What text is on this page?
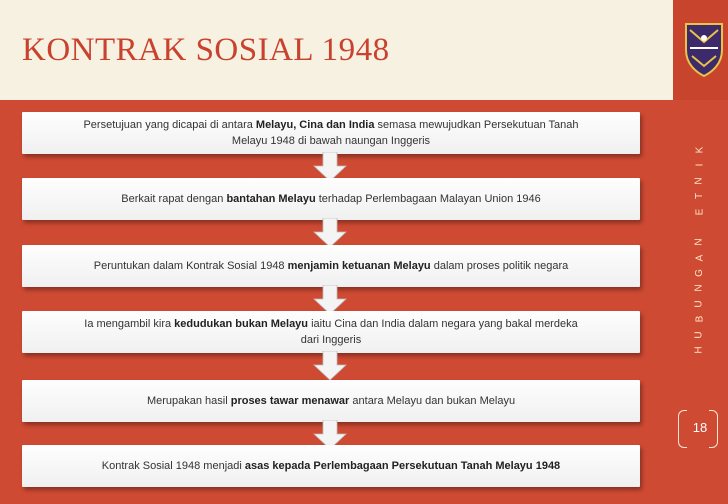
KONTRAK SOSIAL 1948
K
I
N
T
E

N
A
G
N
U
B
U
H
18
Persetujuan yang dicapai di antara Melayu, Cina dan India semasa mewujudkan Persekutuan Tanah
Melayu 1948 di bawah naungan Inggeris
Berkait rapat dengan bantahan Melayu terhadap Perlembagaan Malayan Union 1946
Peruntukan dalam Kontrak Sosial 1948 menjamin ketuanan Melayu dalam proses politik negara
Ia mengambil kira kedudukan bukan Melayu iaitu Cina dan India dalam negara yang bakal merdeka
dari Inggeris
Merupakan hasil proses tawar menawar antara Melayu dan bukan Melayu
Kontrak Sosial 1948 menjadi asas kepada Perlembagaan Persekutuan Tanah Melayu 1948
